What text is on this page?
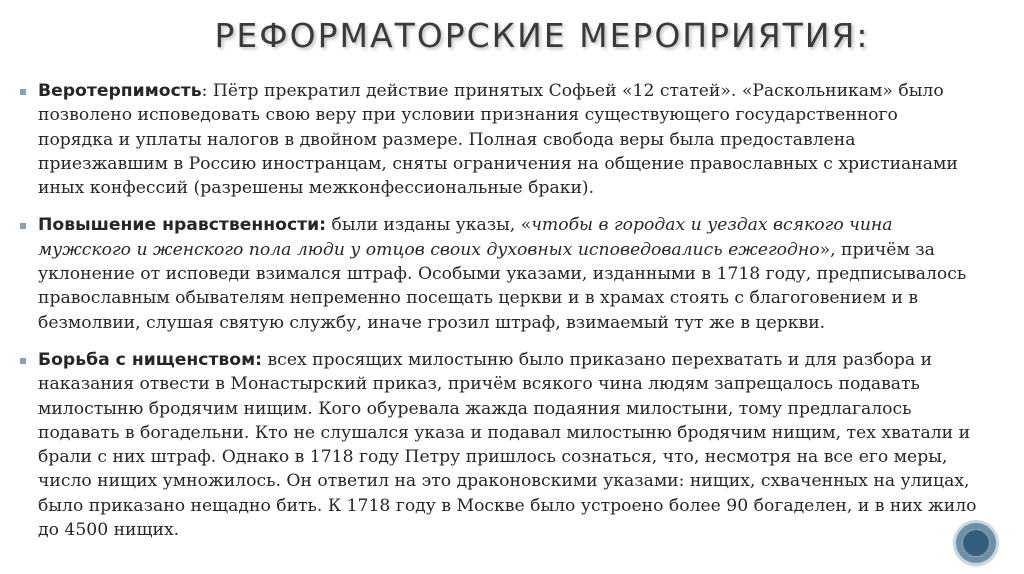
РЕФОРМАТОРСКИЕ МЕРОПРИЯТИЯ:
Веротерпимость: Пётр прекратил действие принятых Софьей «12 статей». «Раскольникам» было позволено исповедовать свою веру при условии признания существующего государственного порядка и уплаты налогов в двойном размере. Полная свобода веры была предоставлена приезжавшим в Россию иностранцам, сняты ограничения на общение православных с христианами иных конфессий (разрешены межконфессиональные браки).
Повышение нравственности: были изданы указы, «чтобы в городах и уездах всякого чина мужского и женского пола люди у отцов своих духовных исповедовались ежегодно», причём за уклонение от исповеди взимался штраф. Особыми указами, изданными в 1718 году, предписывалось православным обывателям непременно посещать церкви и в храмах стоять с благоговением и в безмолвии, слушая святую службу, иначе грозил штраф, взимаемый тут же в церкви.
Борьба с нищенством: всех просящих милостыню было приказано перехватать и для разбора и наказания отвести в Монастырский приказ, причём всякого чина людям запрещалось подавать милостыню бродячим нищим. Кого обуревала жажда подаяния милостыни, тому предлагалось подавать в богадельни. Кто не слушался указа и подавал милостыню бродячим нищим, тех хватали и брали с них штраф. Однако в 1718 году Петру пришлось сознаться, что, несмотря на все его меры, число нищих умножилось. Он ответил на это драконовскими указами: нищих, схваченных на улицах, было приказано нещадно бить. К 1718 году в Москве было устроено более 90 богаделен, и в них жило до 4500 нищих.
